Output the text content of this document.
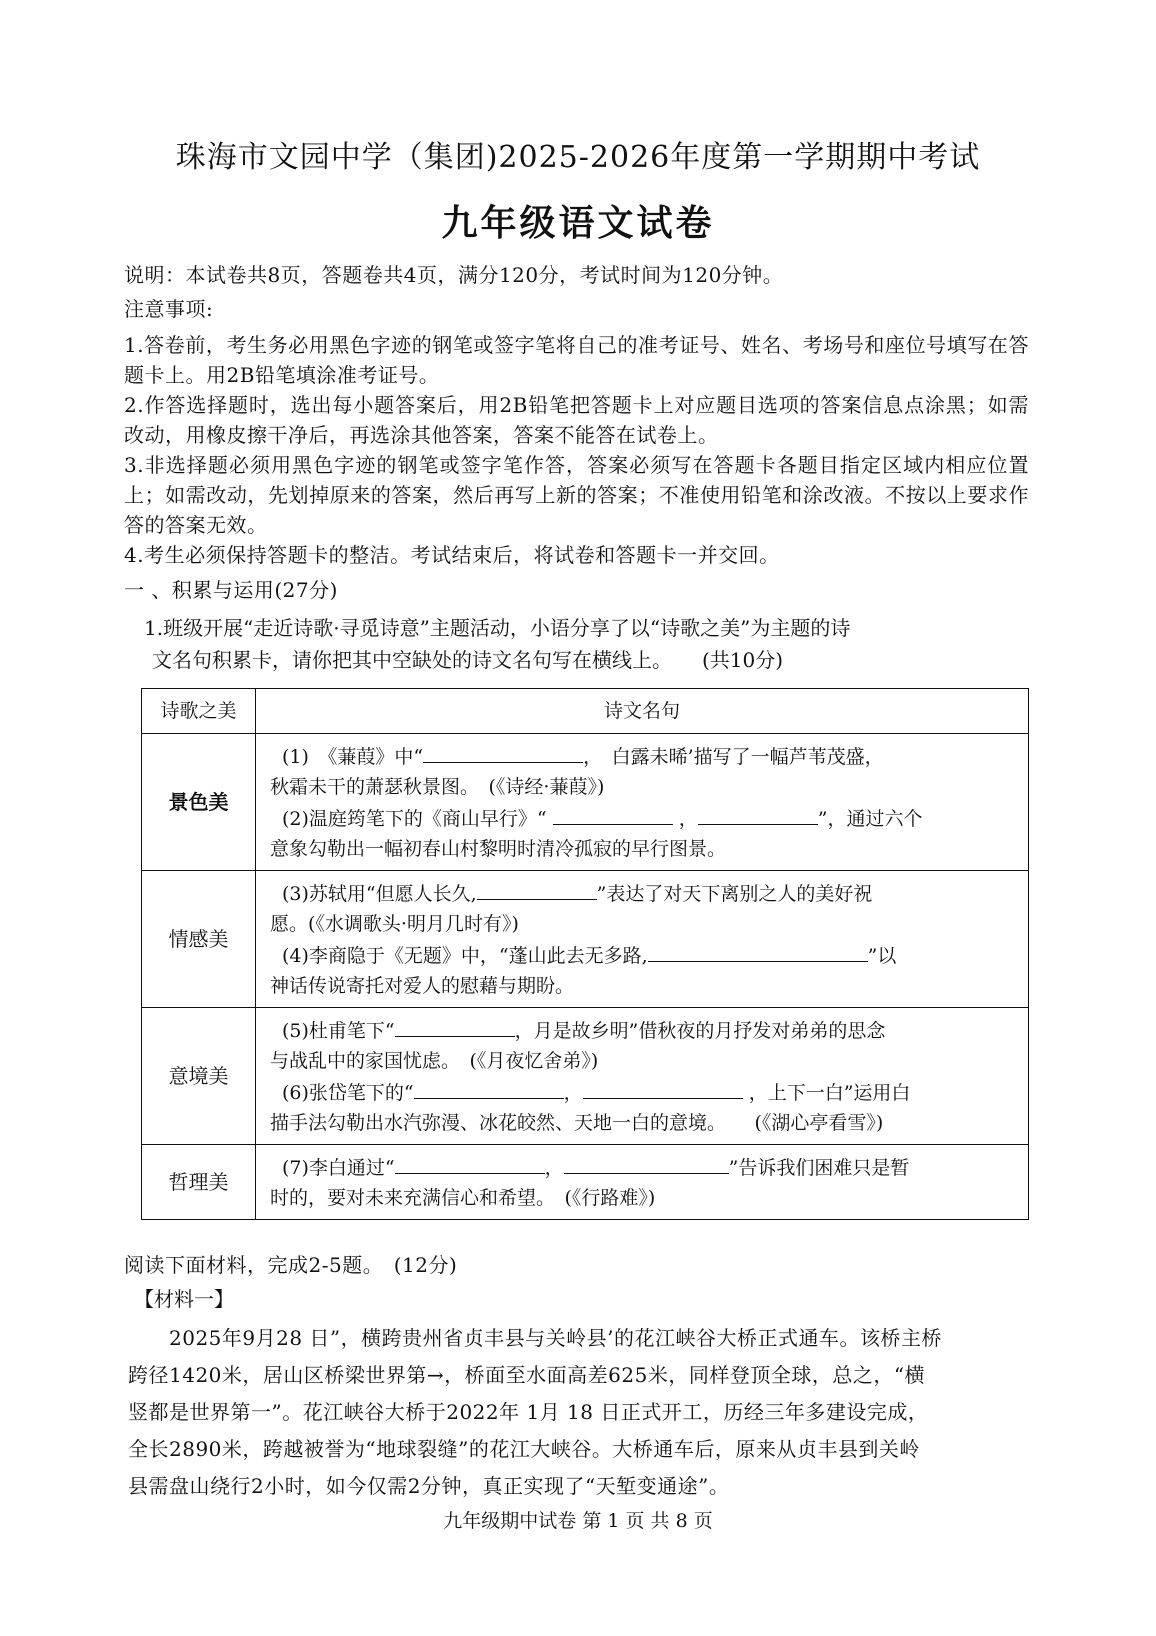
珠海市文园中学（集团)2025-2026年度第一学期期中考试
九年级语文试卷

说明：本试卷共8页，答题卷共4页，满分120分，考试时间为120分钟。

注意事项:

1.答卷前，考生务必用黑色字迹的钢笔或签字笔将自己的准考证号、姓名、考场号和座位号填写在答题卡上。用2B铅笔填涂准考证号。

2.作答选择题时，选出每小题答案后，用2B铅笔把答题卡上对应题目选项的答案信息点涂黑；如需改动，用橡皮擦干净后，再选涂其他答案，答案不能答在试卷上。

3.非选择题必须用黑色字迹的钢笔或签字笔作答，答案必须写在答题卡各题目指定区域内相应位置上；如需改动，先划掉原来的答案，然后再写上新的答案；不准使用铅笔和涂改液。不按以上要求作答的答案无效。

4.考生必须保持答题卡的整洁。考试结束后，将试卷和答题卡一并交回。

一 、积累与运用(27分)
1.班级开展“走近诗歌·寻觅诗意”主题活动，小语分享了以“诗歌之美”为主题的诗
文名句积累卡，请你把其中空缺处的诗文名句写在横线上。　　(共10分)
诗歌之美	诗文名句
景色美	(1)　《蒹葭》中“ ，　白露未晞’描写了一幅芦苇茂盛，
秋霜未干的萧瑟秋景图。　(《诗经·蒹葭》)
(2)温庭筠笔下的《商山早行》“ ， ”，通过六个
意象勾勒出一幅初春山村黎明时清冷孤寂的早行图景。

情感美	(3)苏轼用“但愿人长久, ”表达了对天下离别之人的美好祝
愿。(《水调歌头·明月几时有》)
(4)李商隐于《无题》中，“蓬山此去无多路, ”以
神话传说寄托对爱人的慰藉与期盼。

意境美	(5)杜甫笔下“ ，月是故乡明”借秋夜的月抒发对弟弟的思念
与战乱中的家国忧虑。　(《月夜忆舍弟》)
(6)张岱笔下的“ ， ，上下一白”运用白
描手法勾勒出水汽弥漫、冰花皎然、天地一白的意境。　　(《湖心亭看雪》)

哲理美	(7)李白通过“ ， ”告诉我们困难只是暂
时的，要对未来充满信心和希望。　(《行路难》)
阅读下面材料，完成2-5题。　(12分)
【材料一】

　　2025年9月28 日”，横跨贵州省贞丰县与关岭县’的花江峡谷大桥正式通车。该桥主桥

跨径1420米，居山区桥梁世界第→，桥面至水面高差625米，同样登顶全球，总之，“横

竖都是世界第一”。花江峡谷大桥于2022年 1月 18 日正式开工，历经三年多建设完成，

全长2890米，跨越被誉为“地球裂缝”的花江大峡谷。大桥通车后，原来从贞丰县到关岭

县需盘山绕行2小时，如今仅需2分钟，真正实现了“天堑变通途”。

九年级期中试卷 第 1 页 共 8 页
